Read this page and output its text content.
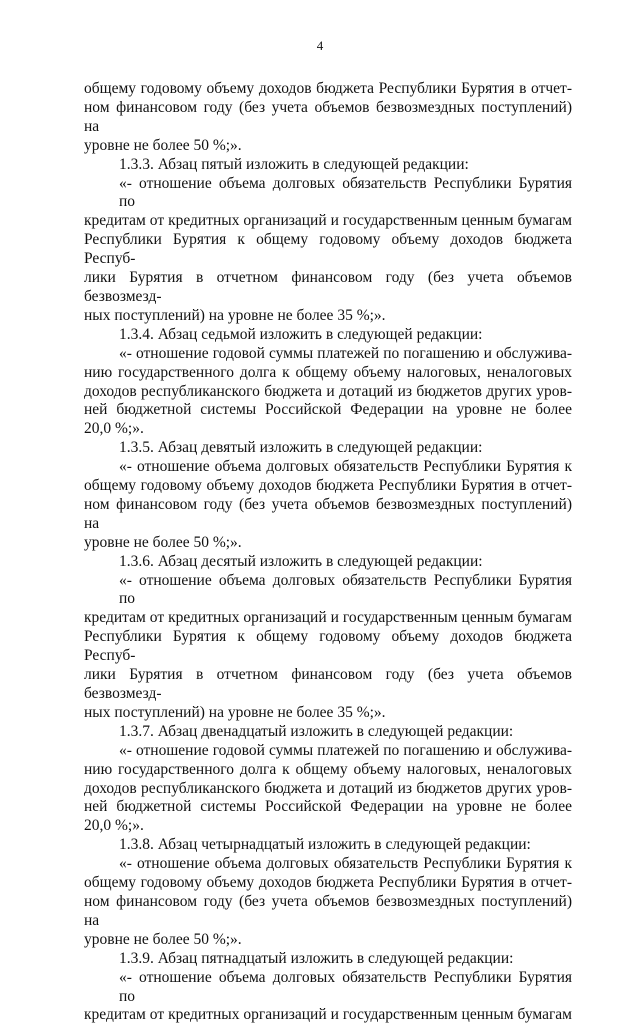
4
общему годовому объему доходов бюджета Республики Бурятия в отчет-
ном финансовом году (без учета объемов безвозмездных поступлений) на
уровне не более 50 %;».
1.3.3. Абзац пятый изложить в следующей редакции:
«- отношение объема долговых обязательств Республики Бурятия по
кредитам от кредитных организаций и государственным ценным бумагам
Республики Бурятия к общему годовому объему доходов бюджета Респуб-
лики Бурятия в отчетном финансовом году (без учета объемов безвозмезд-
ных поступлений) на уровне не более 35 %;».
1.3.4. Абзац седьмой изложить в следующей редакции:
«- отношение годовой суммы платежей по погашению и обслужива-
нию государственного долга к общему объему налоговых, неналоговых
доходов республиканского бюджета и дотаций из бюджетов других уров-
ней бюджетной системы Российской Федерации на уровне не более
20,0 %;».
1.3.5. Абзац девятый изложить в следующей редакции:
«- отношение объема долговых обязательств Республики Бурятия к
общему годовому объему доходов бюджета Республики Бурятия в отчет-
ном финансовом году (без учета объемов безвозмездных поступлений) на
уровне не более 50 %;».
1.3.6. Абзац десятый изложить в следующей редакции:
«- отношение объема долговых обязательств Республики Бурятия по
кредитам от кредитных организаций и государственным ценным бумагам
Республики Бурятия к общему годовому объему доходов бюджета Респуб-
лики Бурятия в отчетном финансовом году (без учета объемов безвозмезд-
ных поступлений) на уровне не более 35 %;».
1.3.7. Абзац двенадцатый изложить в следующей редакции:
«- отношение годовой суммы платежей по погашению и обслужива-
нию государственного долга к общему объему налоговых, неналоговых
доходов республиканского бюджета и дотаций из бюджетов других уров-
ней бюджетной системы Российской Федерации на уровне не более
20,0 %;».
1.3.8. Абзац четырнадцатый изложить в следующей редакции:
«- отношение объема долговых обязательств Республики Бурятия к
общему годовому объему доходов бюджета Республики Бурятия в отчет-
ном финансовом году (без учета объемов безвозмездных поступлений) на
уровне не более 50 %;».
1.3.9. Абзац пятнадцатый изложить в следующей редакции:
«- отношение объема долговых обязательств Республики Бурятия по
кредитам от кредитных организаций и государственным ценным бумагам
